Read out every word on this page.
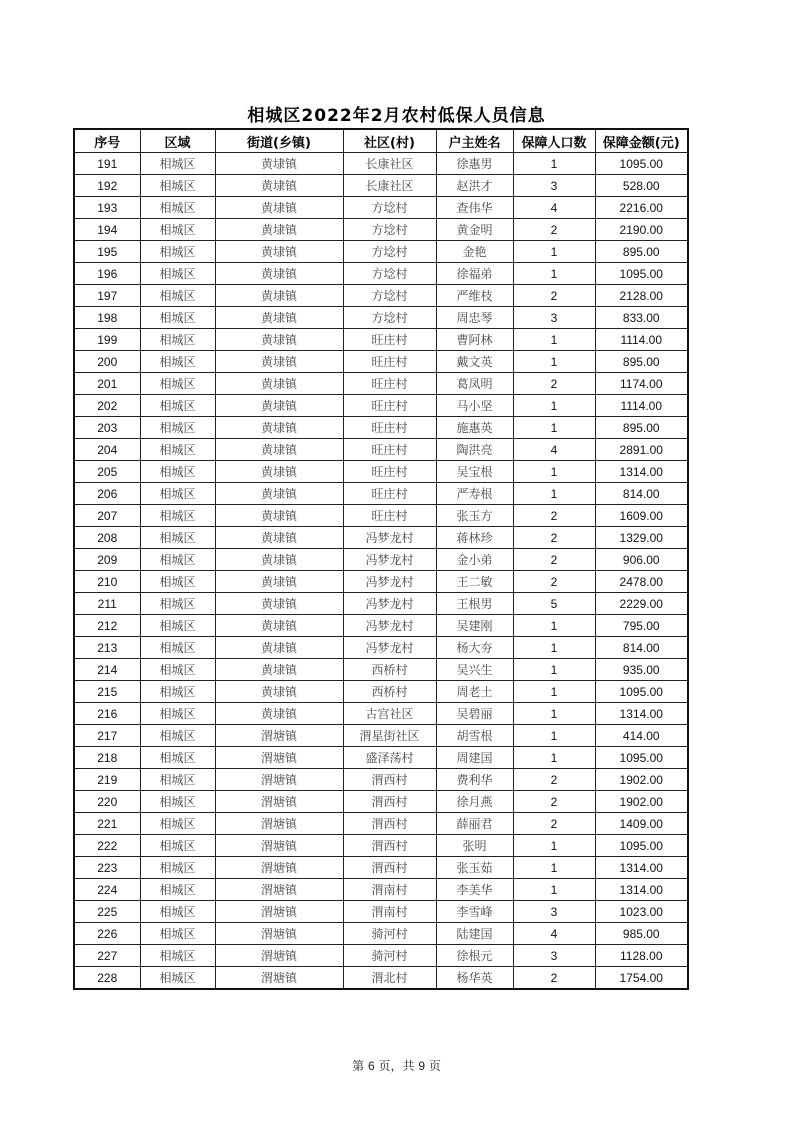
相城区2022年2月农村低保人员信息
序号	区域	街道(乡镇)	社区(村)	户主姓名	保障人口数	保障金额(元)
191	相城区	黄埭镇	长康社区	徐惠男	1	1095.00
192	相城区	黄埭镇	长康社区	赵洪才	3	528.00
193	相城区	黄埭镇	方埝村	查伟华	4	2216.00
194	相城区	黄埭镇	方埝村	黄金明	2	2190.00
195	相城区	黄埭镇	方埝村	金艳	1	895.00
196	相城区	黄埭镇	方埝村	徐福弟	1	1095.00
197	相城区	黄埭镇	方埝村	严维枝	2	2128.00
198	相城区	黄埭镇	方埝村	周忠琴	3	833.00
199	相城区	黄埭镇	旺庄村	曹阿林	1	1114.00
200	相城区	黄埭镇	旺庄村	戴文英	1	895.00
201	相城区	黄埭镇	旺庄村	葛凤明	2	1174.00
202	相城区	黄埭镇	旺庄村	马小坚	1	1114.00
203	相城区	黄埭镇	旺庄村	施惠英	1	895.00
204	相城区	黄埭镇	旺庄村	陶洪亮	4	2891.00
205	相城区	黄埭镇	旺庄村	吴宝根	1	1314.00
206	相城区	黄埭镇	旺庄村	严寿根	1	814.00
207	相城区	黄埭镇	旺庄村	张玉方	2	1609.00
208	相城区	黄埭镇	冯梦龙村	蒋林珍	2	1329.00
209	相城区	黄埭镇	冯梦龙村	金小弟	2	906.00
210	相城区	黄埭镇	冯梦龙村	王二敏	2	2478.00
211	相城区	黄埭镇	冯梦龙村	王根男	5	2229.00
212	相城区	黄埭镇	冯梦龙村	吴建刚	1	795.00
213	相城区	黄埭镇	冯梦龙村	杨大夯	1	814.00
214	相城区	黄埭镇	西桥村	吴兴生	1	935.00
215	相城区	黄埭镇	西桥村	周老土	1	1095.00
216	相城区	黄埭镇	古宫社区	吴碧丽	1	1314.00
217	相城区	渭塘镇	渭星街社区	胡雪根	1	414.00
218	相城区	渭塘镇	盛泽荡村	周建国	1	1095.00
219	相城区	渭塘镇	渭西村	费利华	2	1902.00
220	相城区	渭塘镇	渭西村	徐月燕	2	1902.00
221	相城区	渭塘镇	渭西村	薛丽君	2	1409.00
222	相城区	渭塘镇	渭西村	张明	1	1095.00
223	相城区	渭塘镇	渭西村	张玉茹	1	1314.00
224	相城区	渭塘镇	渭南村	李美华	1	1314.00
225	相城区	渭塘镇	渭南村	李雪峰	3	1023.00
226	相城区	渭塘镇	骑河村	陆建国	4	985.00
227	相城区	渭塘镇	骑河村	徐根元	3	1128.00
228	相城区	渭塘镇	渭北村	杨华英	2	1754.00
第 6 页，共 9 页
